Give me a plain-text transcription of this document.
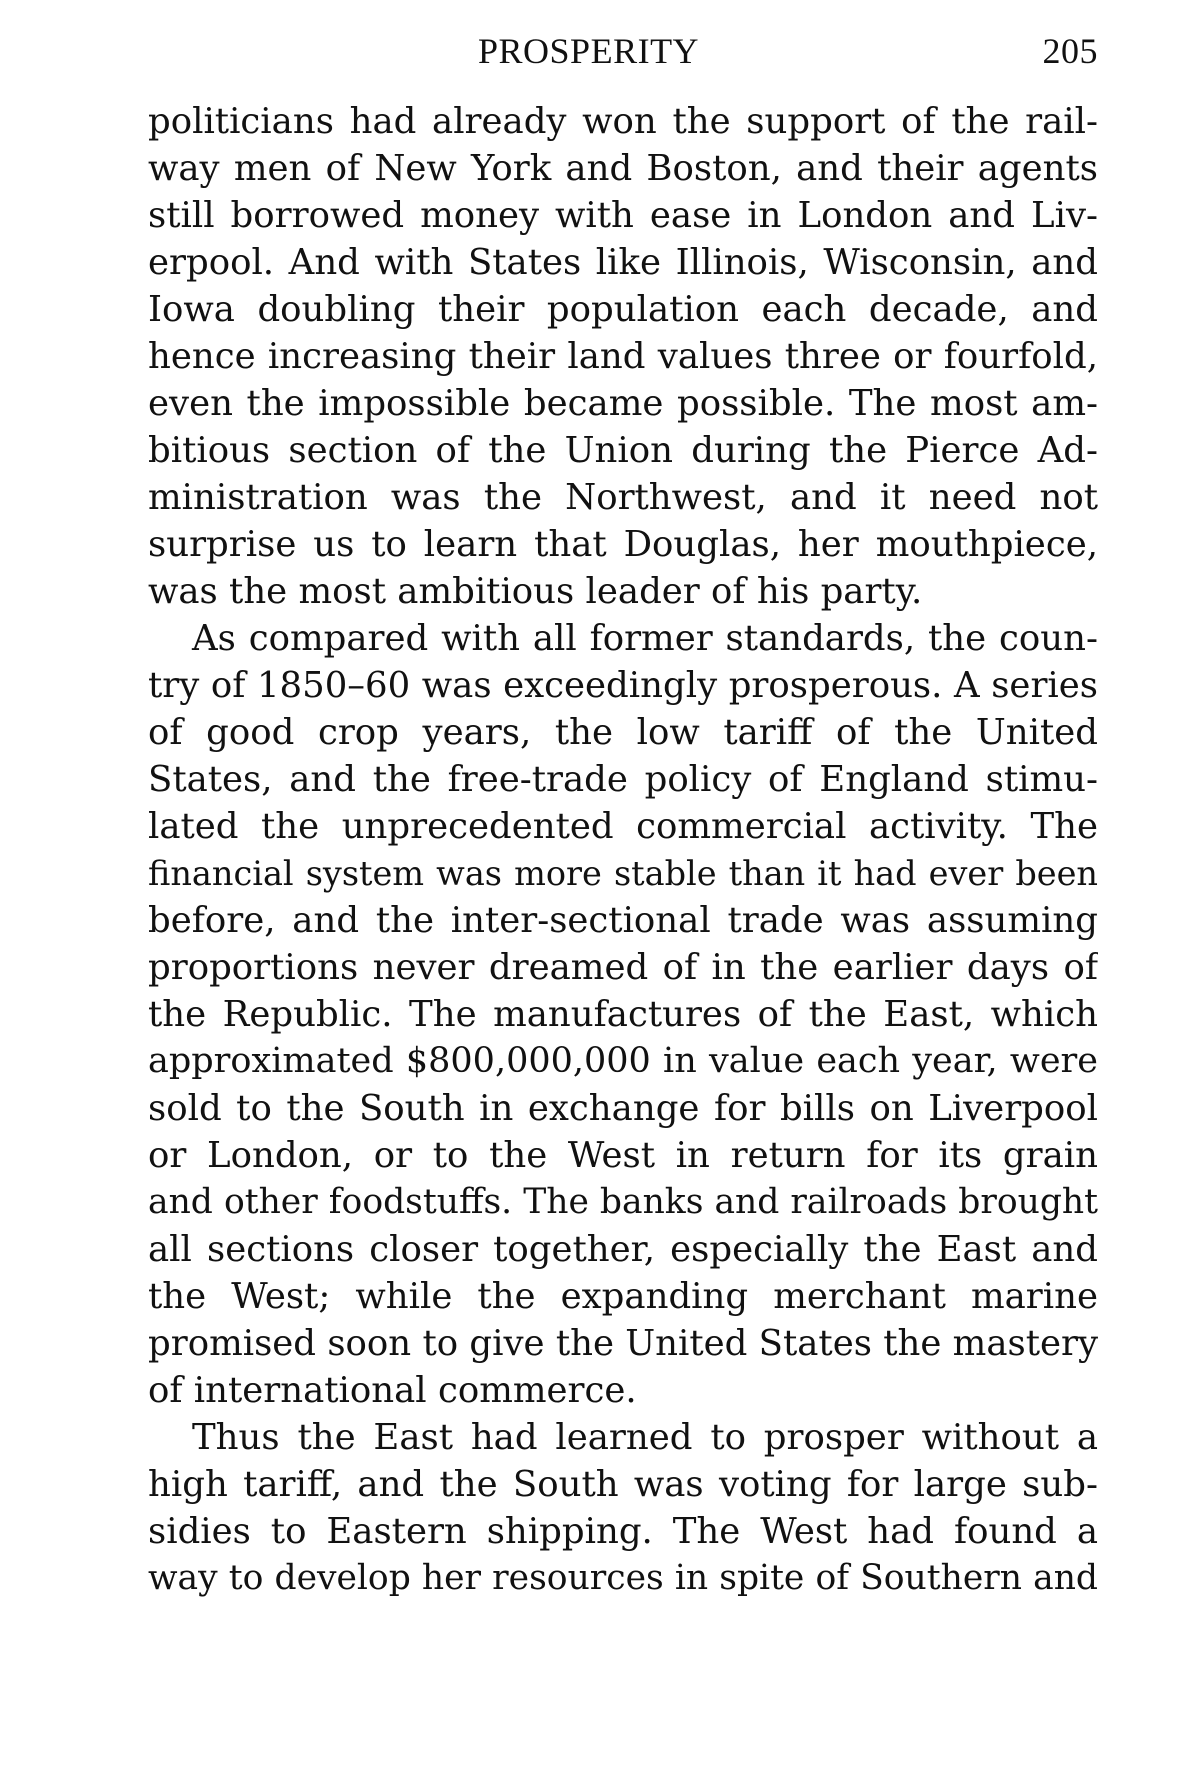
PROSPERITY	205
politicians had already won the support of the rail-
way men of New York and Boston, and their agents
still borrowed money with ease in London and Liv-
erpool. And with States like Illinois, Wisconsin, and
Iowa doubling their population each decade, and
hence increasing their land values three or fourfold,
even the impossible became possible. The most am-
bitious section of the Union during the Pierce Ad-
ministration was the Northwest, and it need not
surprise us to learn that Douglas, her mouthpiece,
was the most ambitious leader of his party.
As compared with all former standards, the coun-
try of 1850–60 was exceedingly prosperous. A series
of good crop years, the low tariff of the United
States, and the free-trade policy of England stimu-
lated the unprecedented commercial activity. The
financial system was more stable than it had ever been
before, and the inter-sectional trade was assuming
proportions never dreamed of in the earlier days of
the Republic. The manufactures of the East, which
approximated $800,000,000 in value each year, were
sold to the South in exchange for bills on Liverpool
or London, or to the West in return for its grain
and other foodstuffs. The banks and railroads brought
all sections closer together, especially the East and
the West; while the expanding merchant marine
promised soon to give the United States the mastery
of international commerce.
Thus the East had learned to prosper without a
high tariff, and the South was voting for large sub-
sidies to Eastern shipping. The West had found a
way to develop her resources in spite of Southern and
